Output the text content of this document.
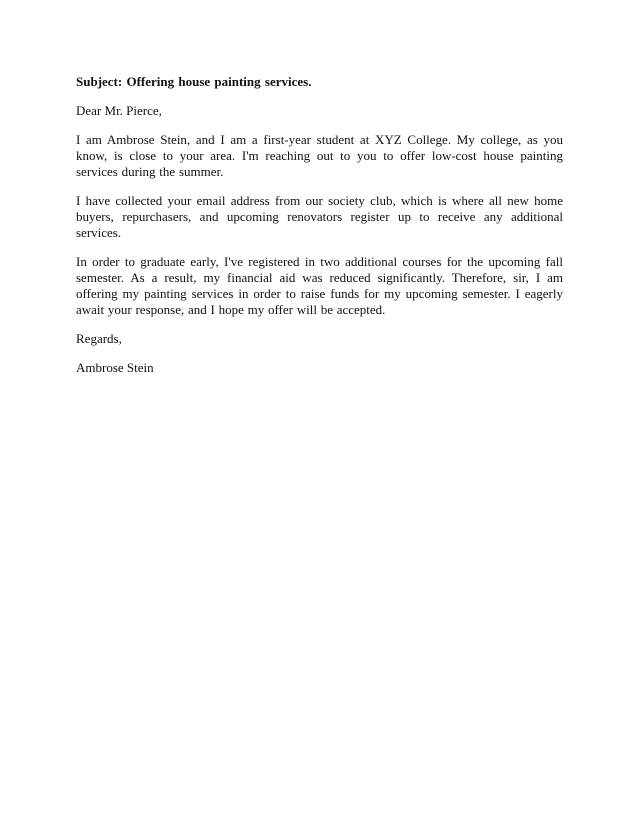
Subject: Offering house painting services.

Dear Mr. Pierce,

I am Ambrose Stein, and I am a first-year student at XYZ College. My college, as you know, is close to your area. I'm reaching out to you to offer low-cost house painting services during the summer.

I have collected your email address from our society club, which is where all new home buyers, repurchasers, and upcoming renovators register up to receive any additional services.

In order to graduate early, I've registered in two additional courses for the upcoming fall semester. As a result, my financial aid was reduced significantly. Therefore, sir, I am offering my painting services in order to raise funds for my upcoming semester. I eagerly await your response, and I hope my offer will be accepted.

Regards,

Ambrose Stein
